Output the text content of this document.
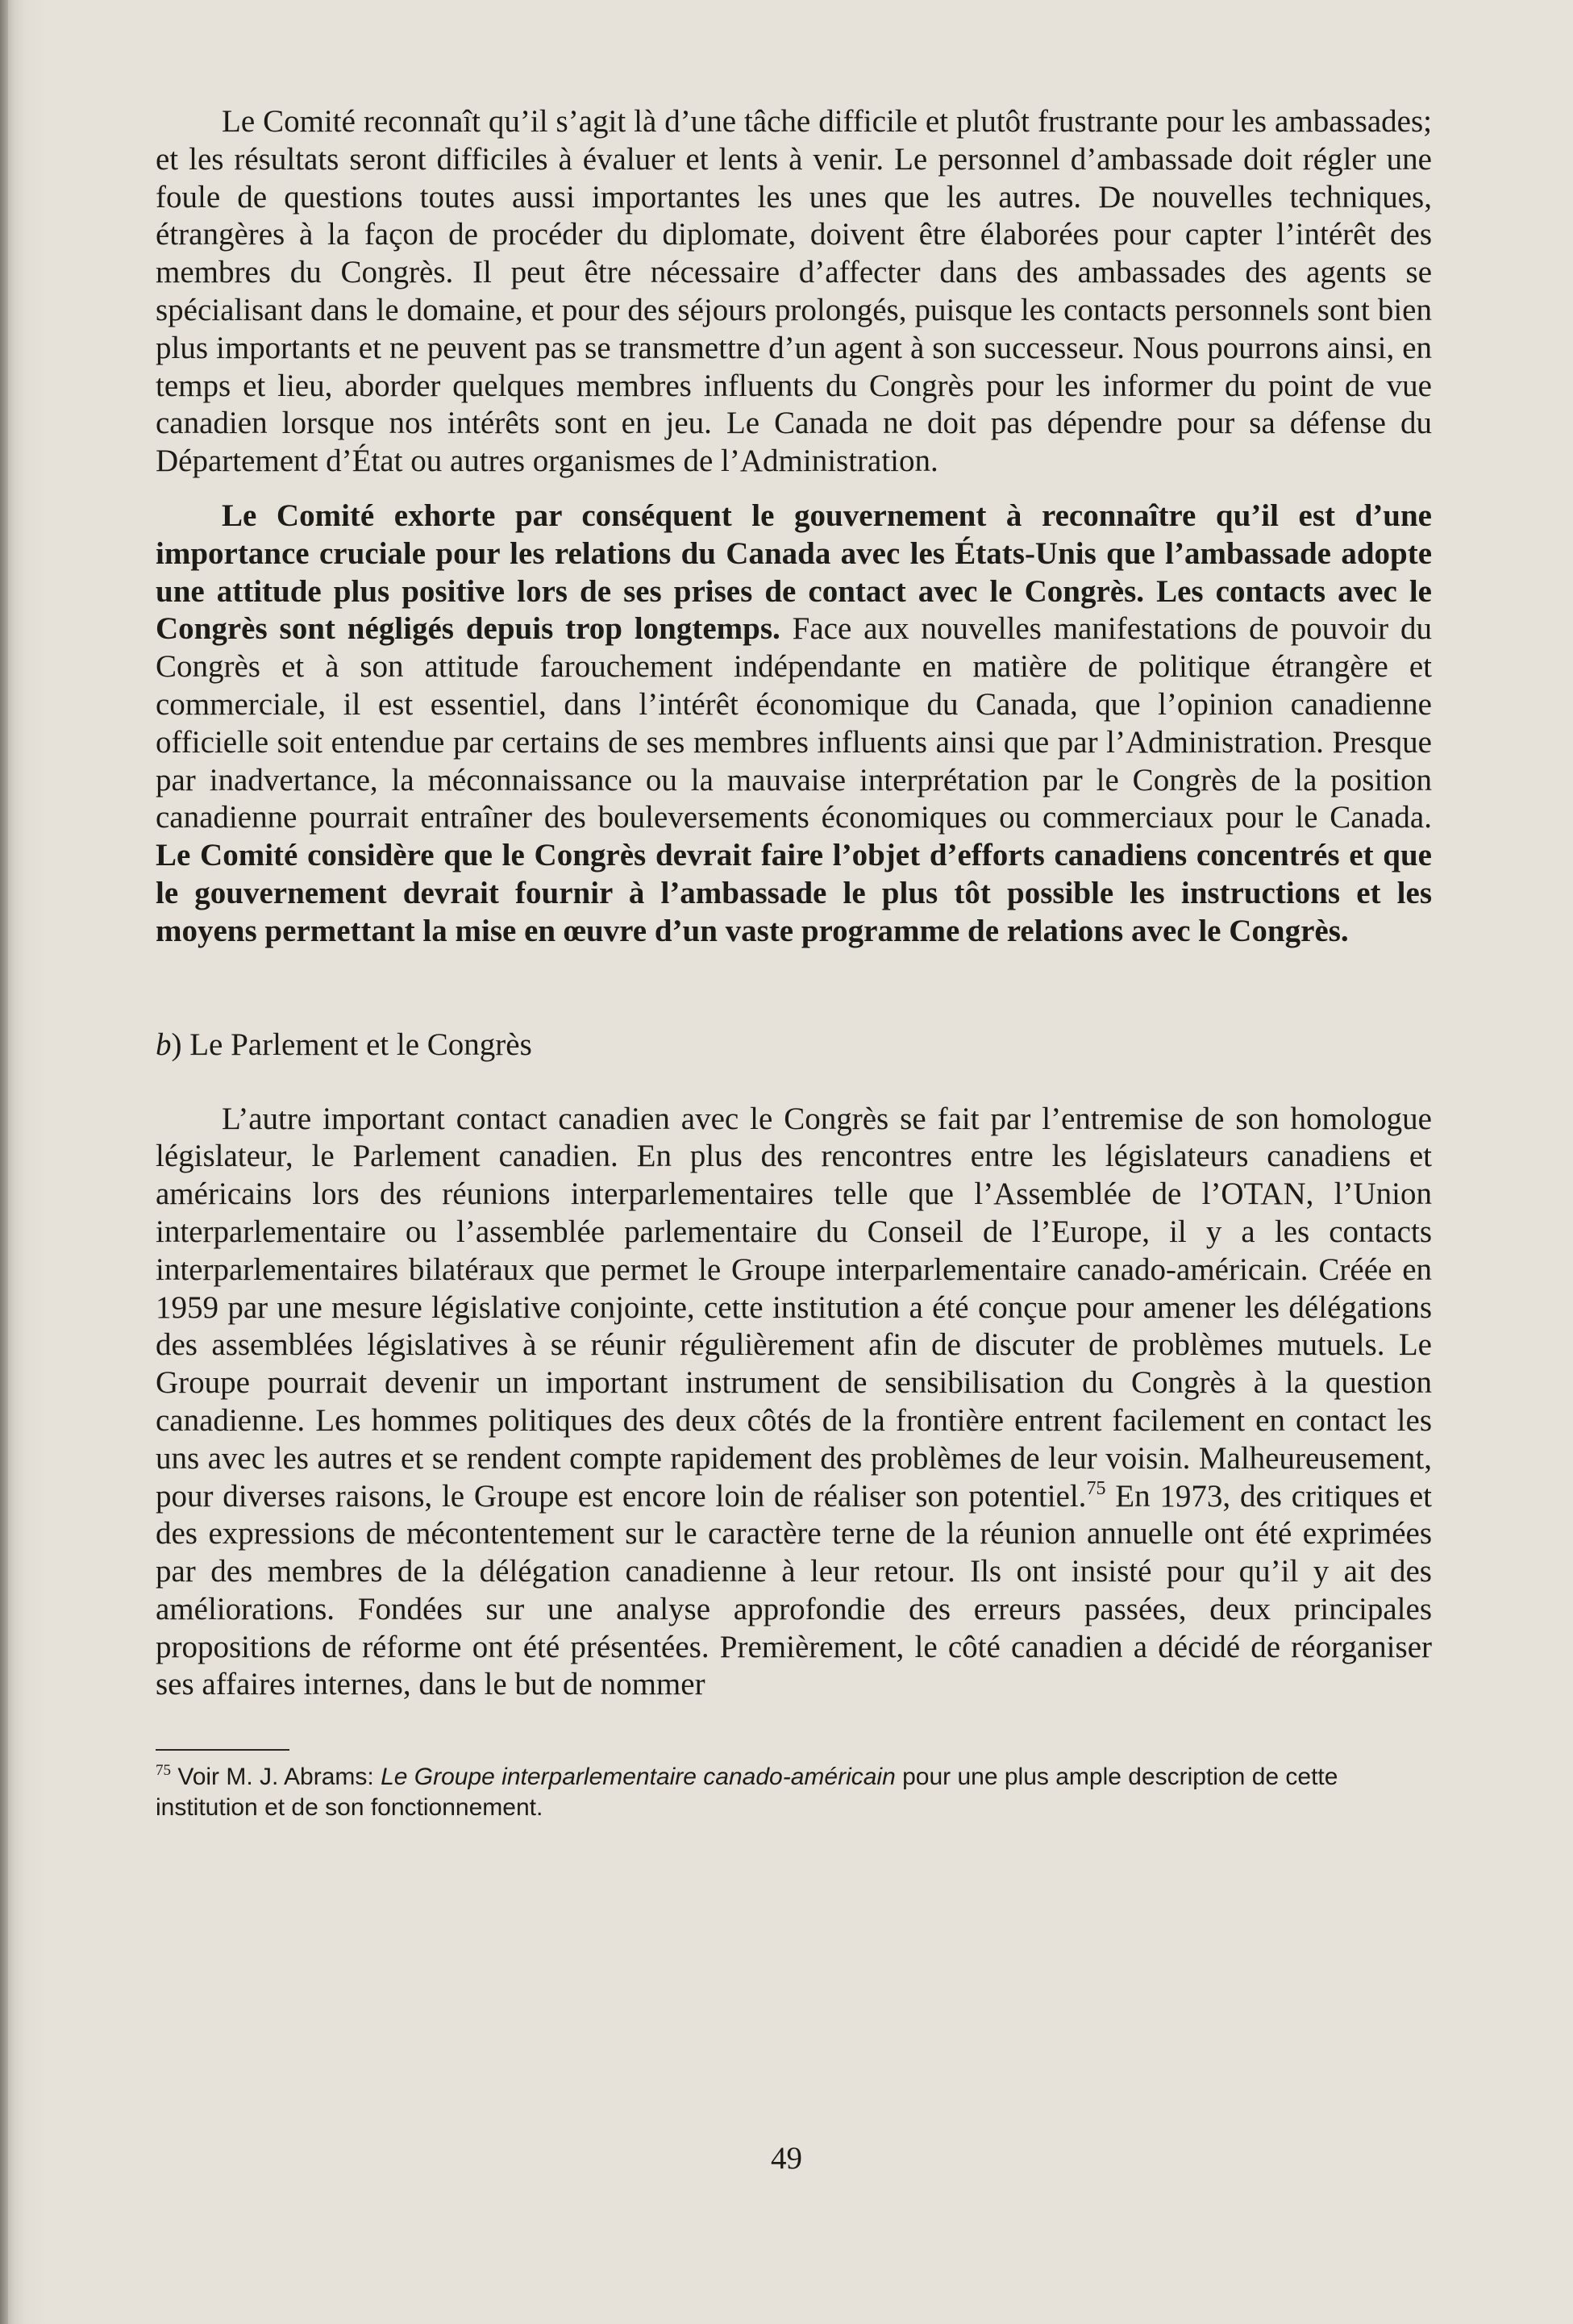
Le Comité reconnaît qu’il s’agit là d’une tâche difficile et plutôt frustrante pour les ambassades; et les résultats seront difficiles à évaluer et lents à venir. Le personnel d’ambassade doit régler une foule de questions toutes aussi importantes les unes que les autres. De nouvelles techniques, étrangères à la façon de procéder du diplomate, doivent être élaborées pour capter l’intérêt des membres du Congrès. Il peut être nécessaire d’affecter dans des ambassades des agents se spécialisant dans le domaine, et pour des séjours prolongés, puisque les contacts personnels sont bien plus importants et ne peuvent pas se transmettre d’un agent à son successeur. Nous pourrons ainsi, en temps et lieu, aborder quelques membres influents du Congrès pour les informer du point de vue canadien lorsque nos intérêts sont en jeu. Le Canada ne doit pas dépendre pour sa défense du Département d’État ou autres organismes de l’Administration.

Le Comité exhorte par conséquent le gouvernement à reconnaître qu’il est d’une importance cruciale pour les relations du Canada avec les États-Unis que l’ambassade adopte une attitude plus positive lors de ses prises de contact avec le Congrès. Les contacts avec le Congrès sont négligés depuis trop longtemps. Face aux nouvelles manifestations de pouvoir du Congrès et à son attitude farouchement indépendante en matière de politique étrangère et commerciale, il est essentiel, dans l’intérêt économique du Canada, que l’opinion canadienne officielle soit entendue par certains de ses membres influents ainsi que par l’Administration. Presque par inadvertance, la méconnaissance ou la mauvaise interprétation par le Congrès de la position canadienne pourrait entraîner des bouleversements économiques ou commerciaux pour le Canada. Le Comité considère que le Congrès devrait faire l’objet d’efforts canadiens concentrés et que le gouvernement devrait fournir à l’ambassade le plus tôt possible les instructions et les moyens permettant la mise en œuvre d’un vaste programme de relations avec le Congrès.

b) Le Parlement et le Congrès

L’autre important contact canadien avec le Congrès se fait par l’entremise de son homologue législateur, le Parlement canadien. En plus des rencontres entre les législateurs canadiens et américains lors des réunions interparlementaires telle que l’Assemblée de l’OTAN, l’Union interparlementaire ou l’assemblée parlementaire du Conseil de l’Europe, il y a les contacts interparlementaires bilatéraux que permet le Groupe interparlementaire canado-américain. Créée en 1959 par une mesure législative conjointe, cette institution a été conçue pour amener les délégations des assemblées législatives à se réunir régulièrement afin de discuter de problèmes mutuels. Le Groupe pourrait devenir un important instrument de sensibilisation du Congrès à la question canadienne. Les hommes politiques des deux côtés de la frontière entrent facilement en contact les uns avec les autres et se rendent compte rapidement des problèmes de leur voisin. Malheureusement, pour diverses raisons, le Groupe est encore loin de réaliser son potentiel.$^{75}$ En 1973, des critiques et des expressions de mécontentement sur le caractère terne de la réunion annuelle ont été exprimées par des membres de la délégation canadienne à leur retour. Ils ont insisté pour qu’il y ait des améliorations. Fondées sur une analyse approfondie des erreurs passées, deux principales propositions de réforme ont été présentées. Premièrement, le côté canadien a décidé de réorganiser ses affaires internes, dans le but de nommer

$^{75}$ Voir M. J. Abrams: Le Groupe interparlementaire canado-américain pour une plus ample description de cette institution et de son fonctionnement.

49
